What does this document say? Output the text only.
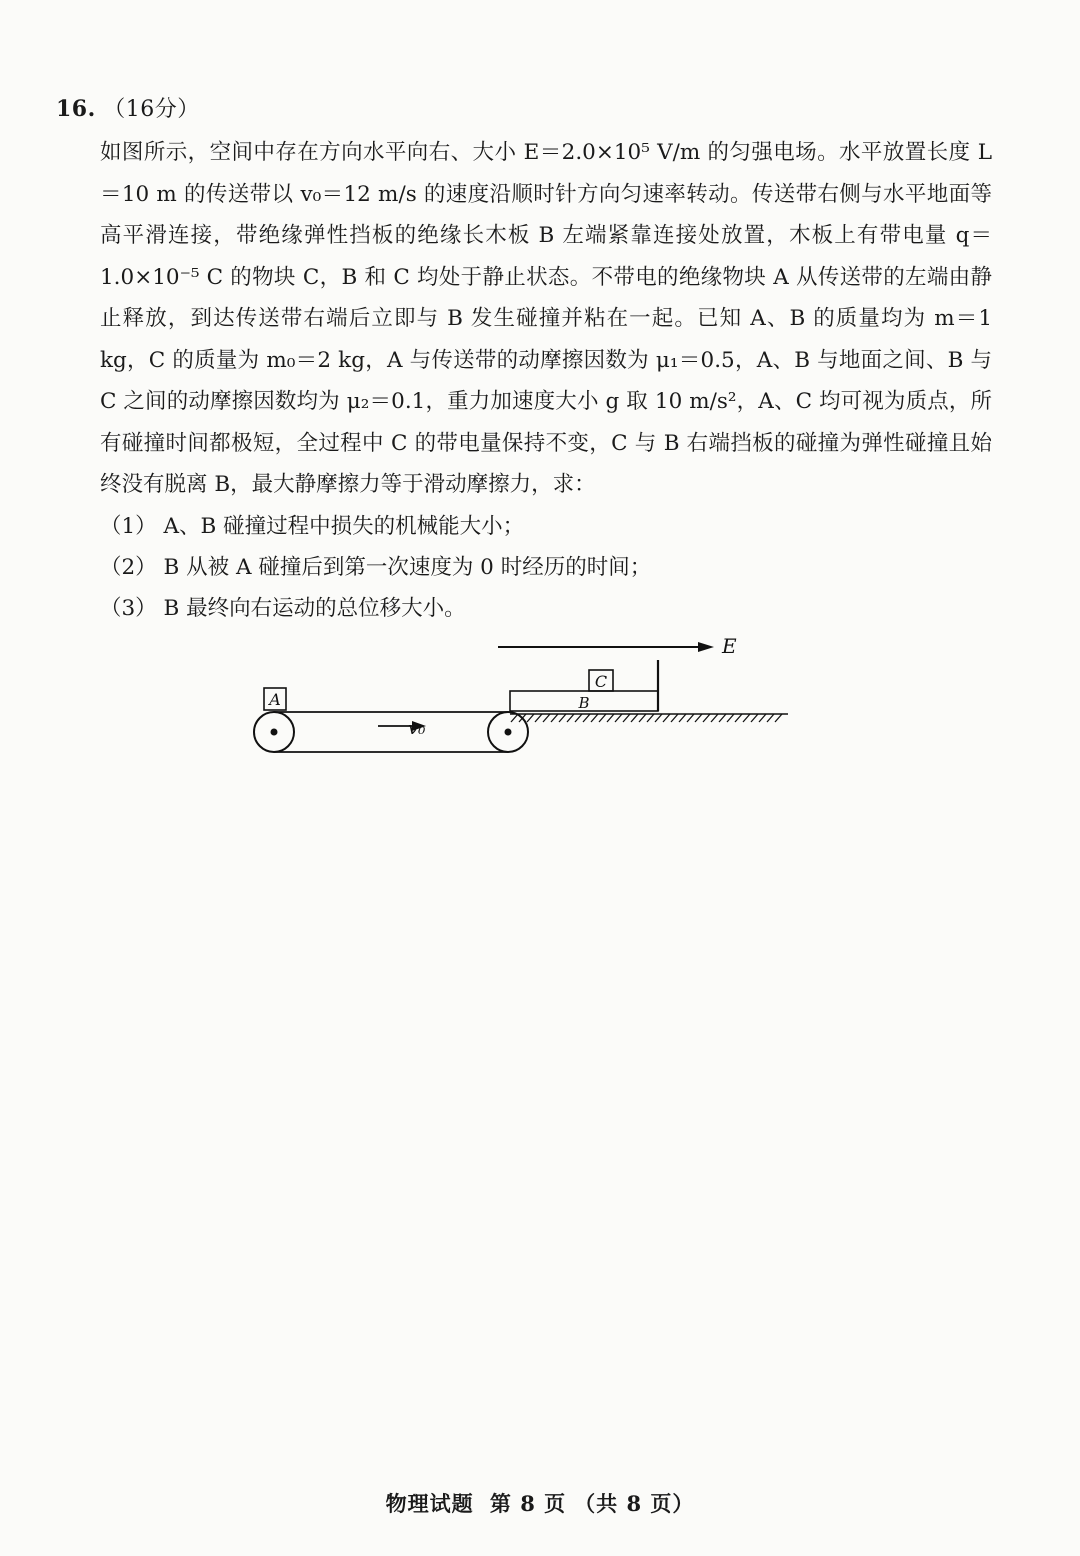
16. （16分）

如图所示，空间中存在方向水平向右、大小 E＝2.0×10⁵ V/m 的匀强电场。水平放置长度 L＝10 m 的传送带以 v₀＝12 m/s 的速度沿顺时针方向匀速率转动。传送带右侧与水平地面等高平滑连接，带绝缘弹性挡板的绝缘长木板 B 左端紧靠连接处放置，木板上有带电量 q＝1.0×10⁻⁵ C 的物块 C，B 和 C 均处于静止状态。不带电的绝缘物块 A 从传送带的左端由静止释放，到达传送带右端后立即与 B 发生碰撞并粘在一起。已知 A、B 的质量均为 m＝1 kg，C 的质量为 m₀＝2 kg，A 与传送带的动摩擦因数为 μ₁＝0.5，A、B 与地面之间、B 与 C 之间的动摩擦因数均为 μ₂＝0.1，重力加速度大小 g 取 10 m/s²，A、C 均可视为质点，所有碰撞时间都极短，全过程中 C 的带电量保持不变，C 与 B 右端挡板的碰撞为弹性碰撞且始终没有脱离 B，最大静摩擦力等于滑动摩擦力，求：

（1） A、B 碰撞过程中损失的机械能大小；
（2） B 从被 A 碰撞后到第一次速度为 0 时经历的时间；
（3） B 最终向右运动的总位移大小。
E
C
B
A
v₀
物理试题 第 8 页 （共 8 页）
